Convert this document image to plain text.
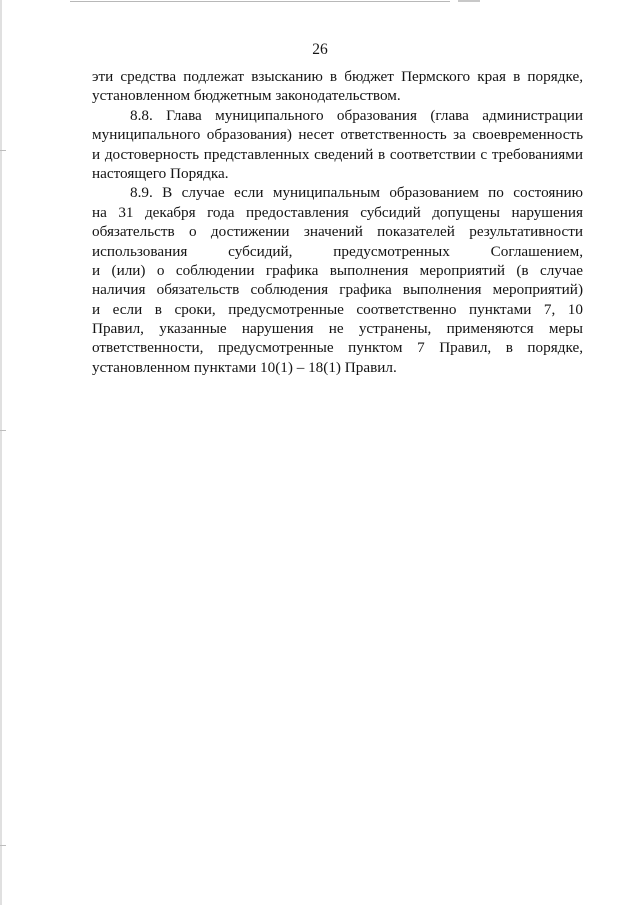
26
эти средства подлежат взысканию в бюджет Пермского края в порядке,
установленном бюджетным законодательством.
8.8. Глава муниципального образования (глава администрации
муниципального образования) несет ответственность за своевременность
и достоверность представленных сведений в соответствии с требованиями
настоящего Порядка.
8.9. В случае если муниципальным образованием по состоянию
на 31 декабря года предоставления субсидий допущены нарушения
обязательств о достижении значений показателей результативности
использования субсидий, предусмотренных Соглашением,
и (или) о соблюдении графика выполнения мероприятий (в случае
наличия обязательств соблюдения графика выполнения мероприятий)
и если в сроки, предусмотренные соответственно пунктами 7, 10
Правил, указанные нарушения не устранены, применяются меры
ответственности, предусмотренные пунктом 7 Правил, в порядке,
установленном пунктами 10(1) – 18(1) Правил.
